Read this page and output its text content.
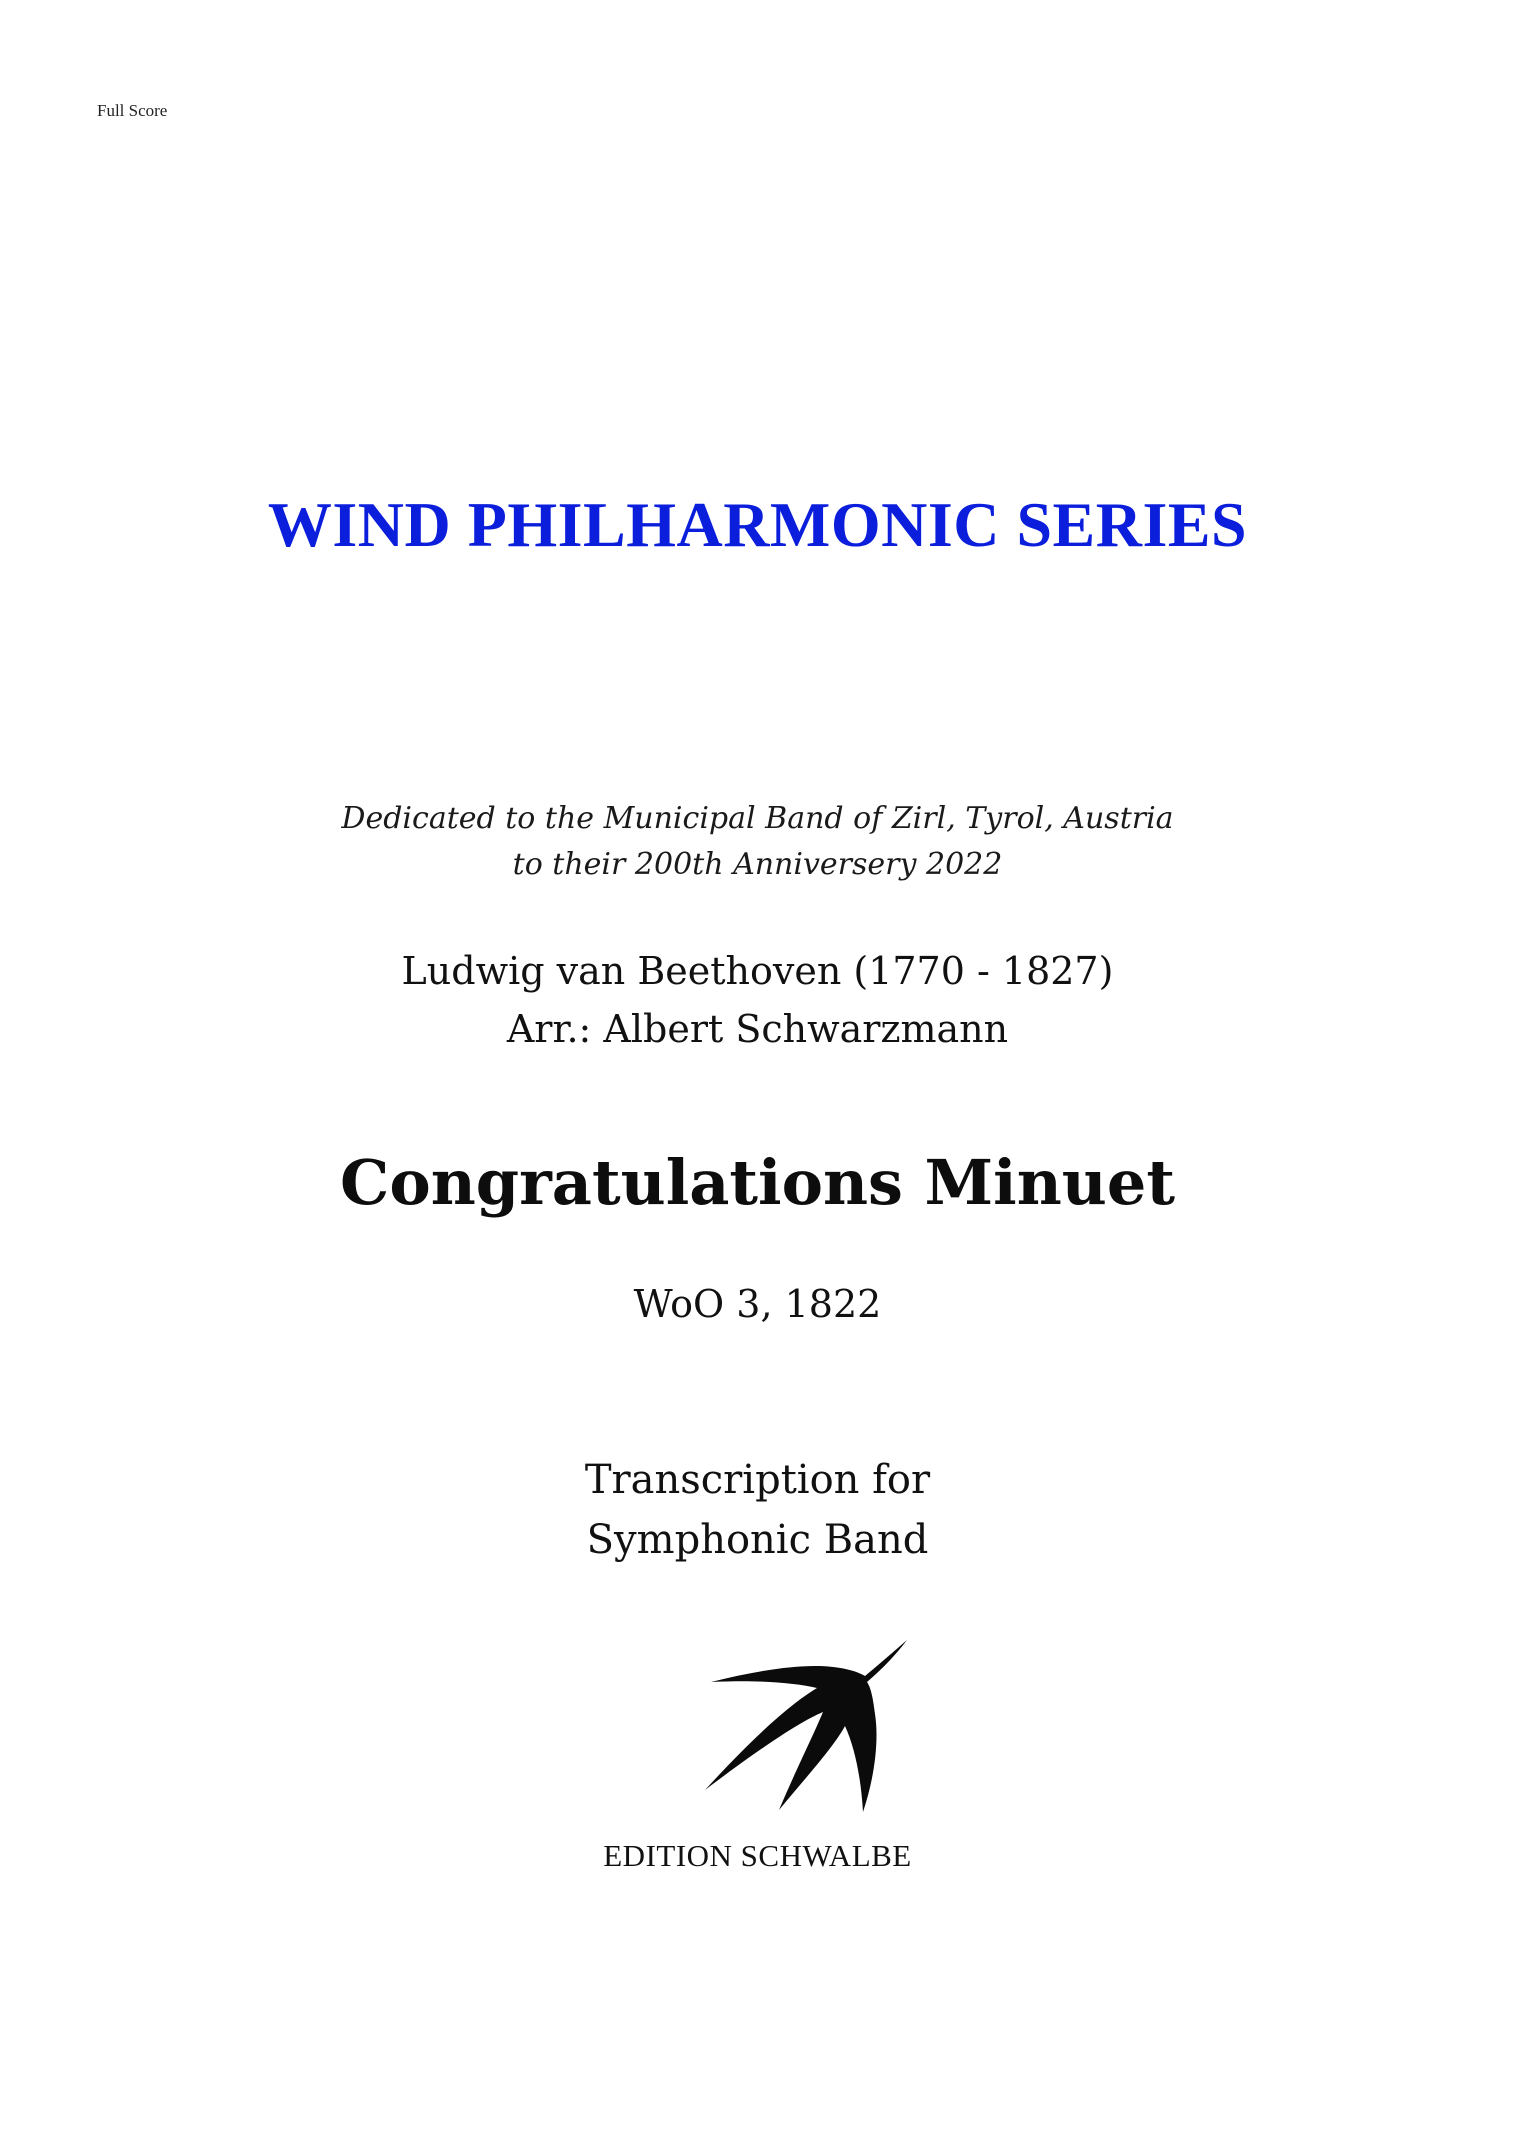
Full Score
WIND PHILHARMONIC SERIES
Dedicated to the Municipal Band of Zirl, Tyrol, Austria
to their 200th Anniversery 2022
Ludwig van Beethoven (1770 - 1827)
Arr.: Albert Schwarzmann
Congratulations Minuet
WoO 3, 1822
Transcription for
Symphonic Band
EDITION SCHWALBE
